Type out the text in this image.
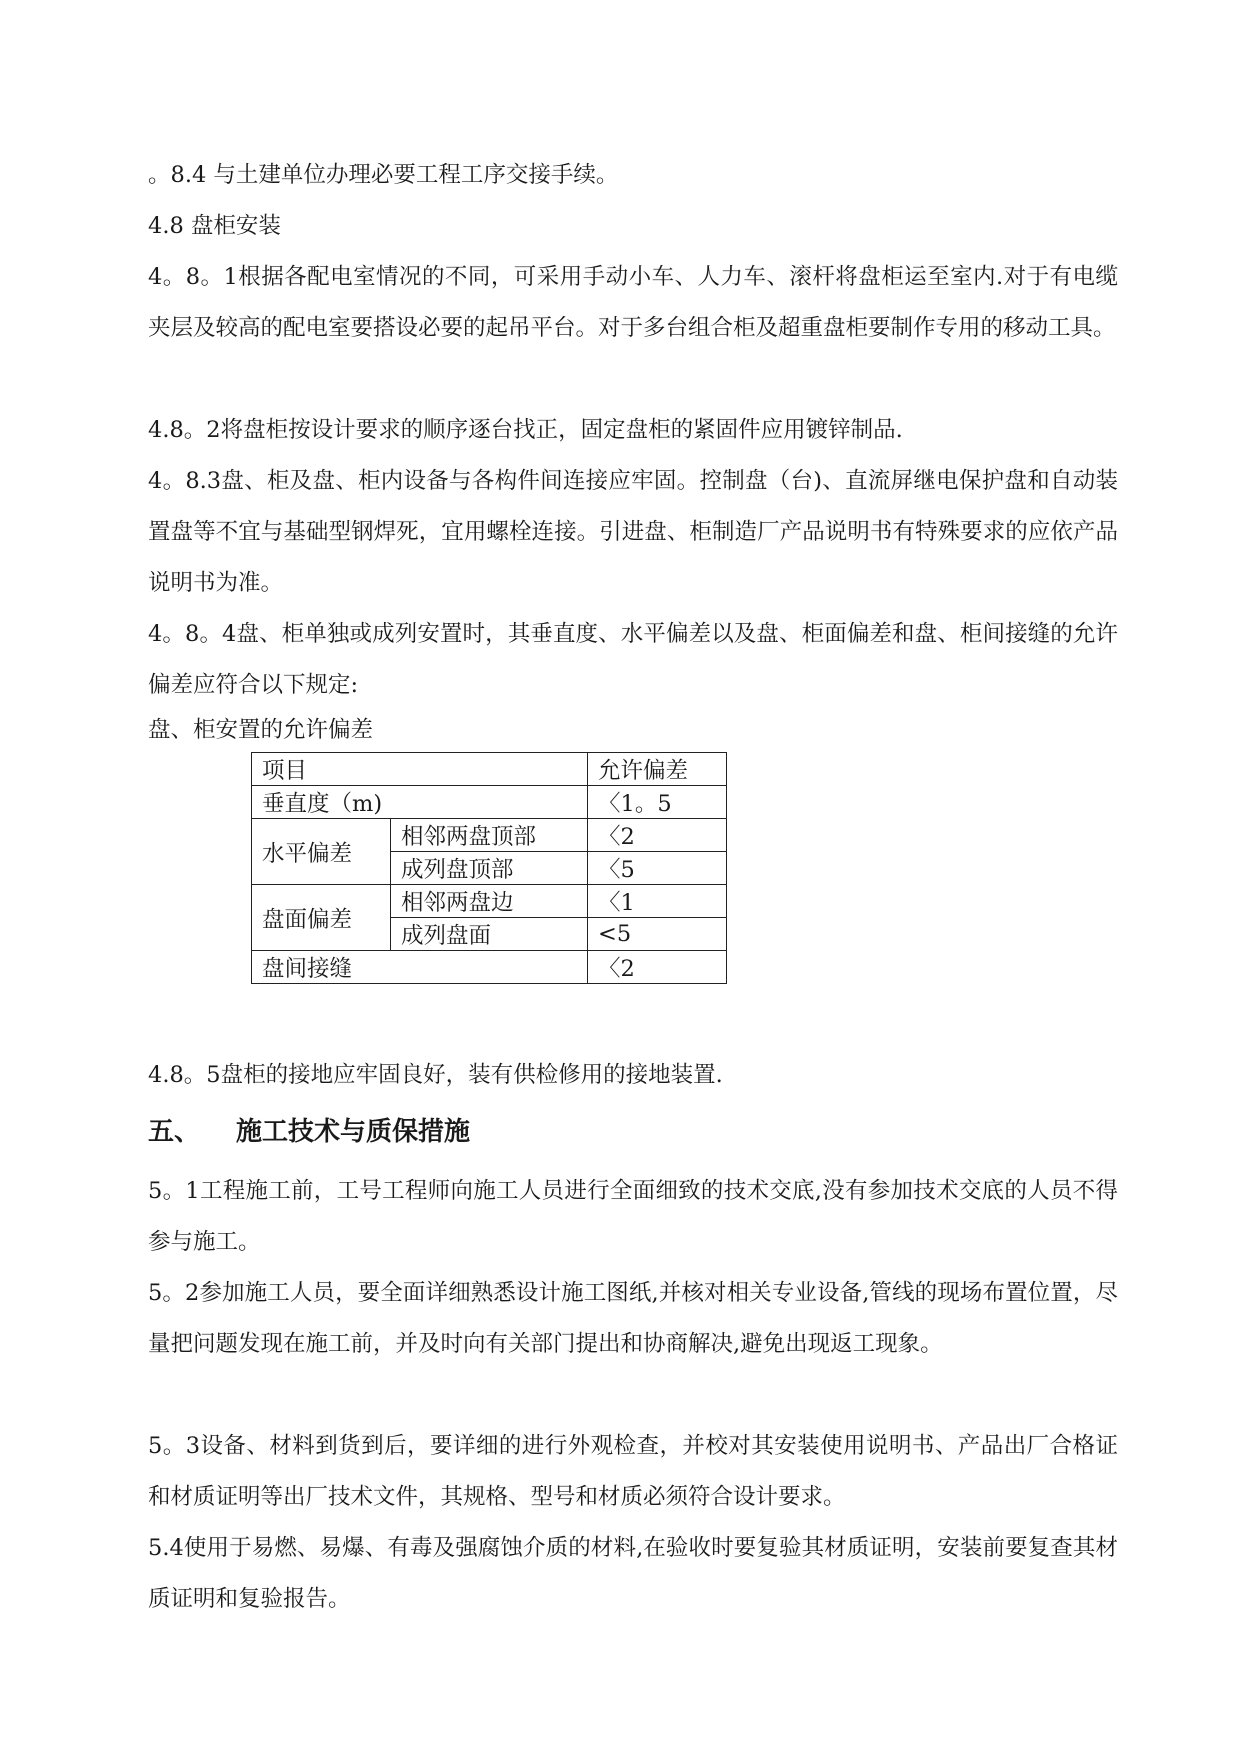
。8.4 与土建单位办理必要工程工序交接手续。

4.8 盘柜安装

4。8。1根据各配电室情况的不同，可采用手动小车、人力车、滚杆将盘柜运至室内.对于有电缆夹层及较高的配电室要搭设必要的起吊平台。对于多台组合柜及超重盘柜要制作专用的移动工具。

4.8。2将盘柜按设计要求的顺序逐台找正，固定盘柜的紧固件应用镀锌制品.

4。8.3盘、柜及盘、柜内设备与各构件间连接应牢固。控制盘（台)、直流屏继电保护盘和自动装置盘等不宜与基础型钢焊死，宜用螺栓连接。引进盘、柜制造厂产品说明书有特殊要求的应依产品说明书为准。

4。8。4盘、柜单独或成列安置时，其垂直度、水平偏差以及盘、柜面偏差和盘、柜间接缝的允许偏差应符合以下规定:

盘、柜安置的允许偏差

项目		允许偏差
垂直度（m)		〈1。5
水平偏差	相邻两盘顶部	〈2
	成列盘顶部	〈5
盘面偏差	相邻两盘边	〈1
	成列盘面	<5
盘间接缝		〈2

4.8。5盘柜的接地应牢固良好，装有供检修用的接地装置.

五、 施工技术与质保措施

5。1工程施工前，工号工程师向施工人员进行全面细致的技术交底,没有参加技术交底的人员不得参与施工。

5。2参加施工人员，要全面详细熟悉设计施工图纸,并核对相关专业设备,管线的现场布置位置，尽量把问题发现在施工前，并及时向有关部门提出和协商解决,避免出现返工现象。

5。3设备、材料到货到后，要详细的进行外观检查，并校对其安装使用说明书、产品出厂合格证和材质证明等出厂技术文件，其规格、型号和材质必须符合设计要求。

5.4使用于易燃、易爆、有毒及强腐蚀介质的材料,在验收时要复验其材质证明，安装前要复查其材质证明和复验报告。
